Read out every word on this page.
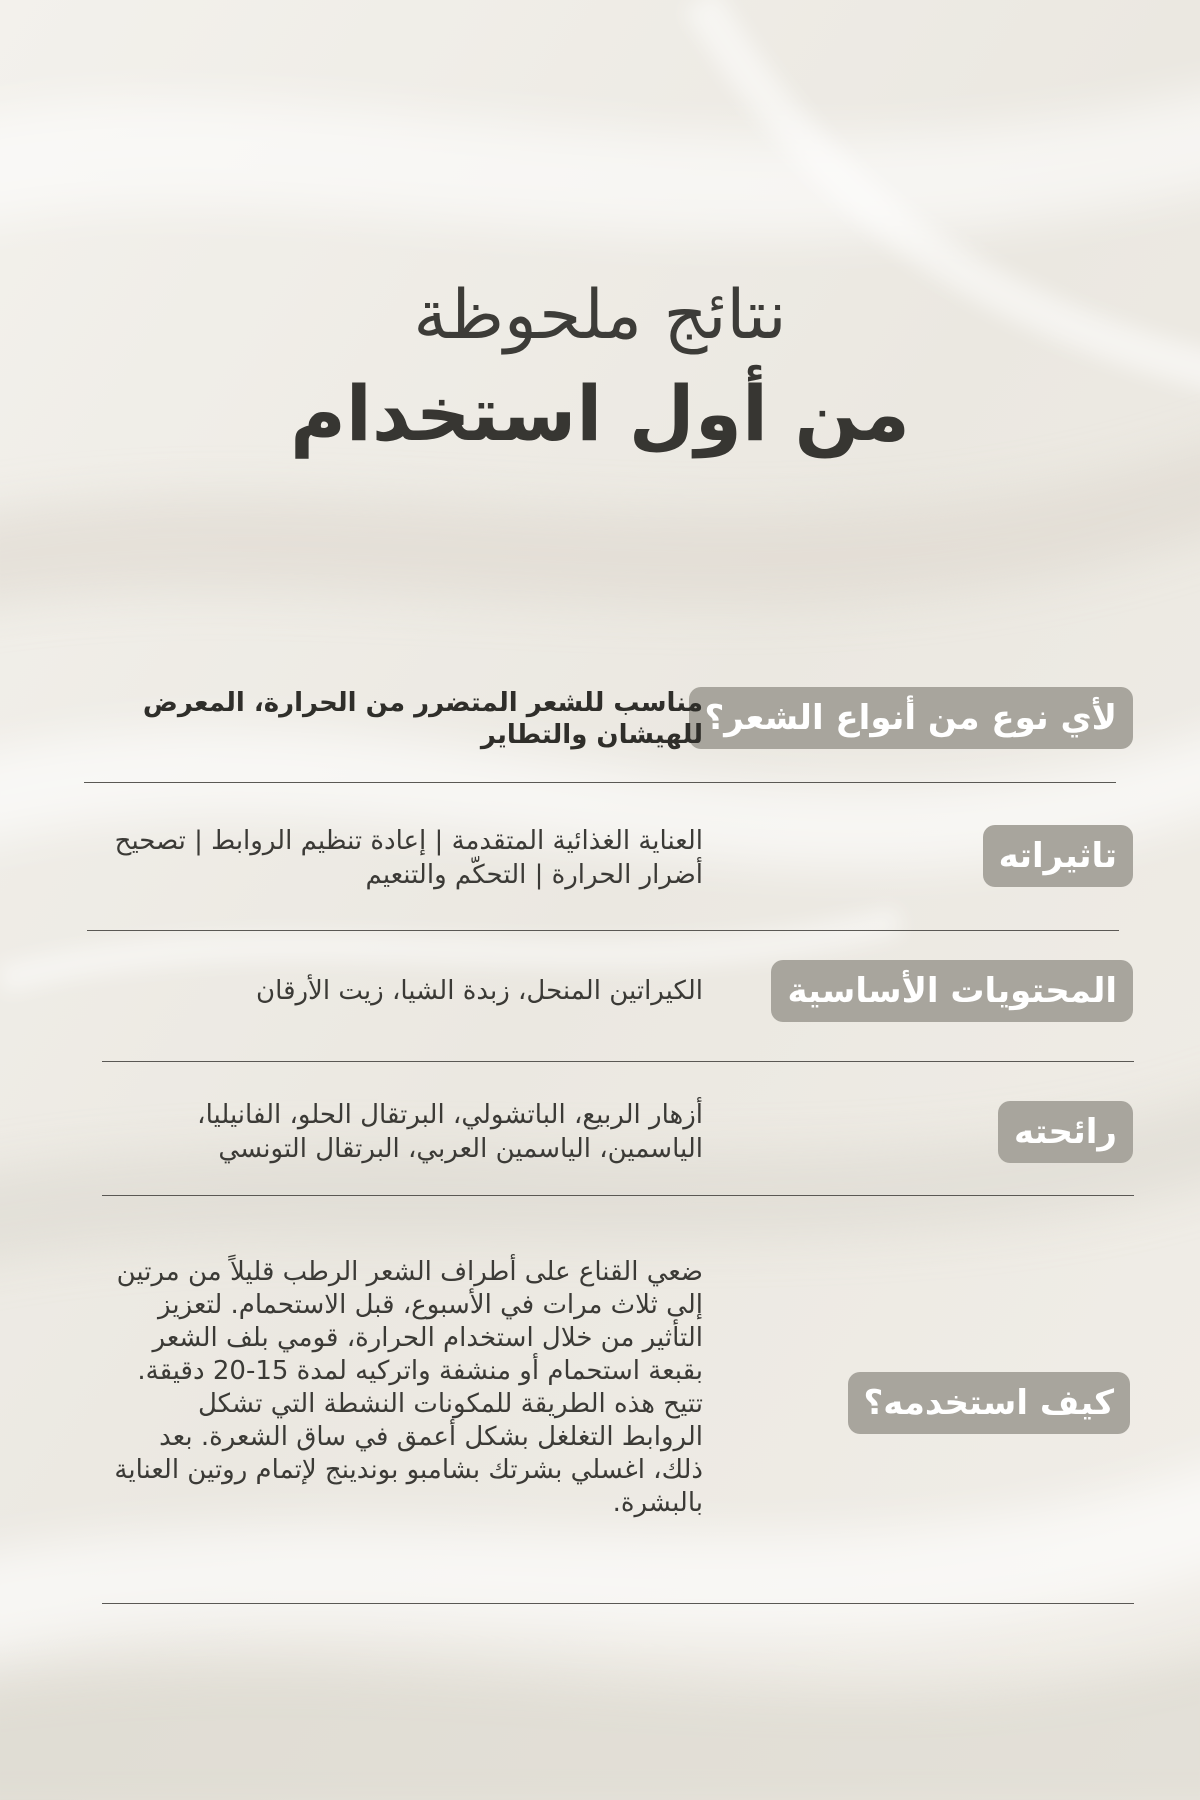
نتائج ملحوظة

من أول استخدام

لأي نوع من أنواع الشعر؟
مناسب للشعر المتضرر من الحرارة، المعرض للهيشان والتطاير
تاثيراته
العناية الغذائية المتقدمة | إعادة تنظيم الروابط | تصحيح أضرار الحرارة | التحكّم والتنعيم
المحتويات الأساسية
الكيراتين المنحل، زبدة الشيا، زيت الأرقان
رائحته
أزهار الربيع، الباتشولي، البرتقال الحلو، الفانيليا، الياسمين، الياسمين العربي، البرتقال التونسي
كيف استخدمه؟
ضعي القناع على أطراف الشعر الرطب قليلاً من مرتين إلى ثلاث مرات في الأسبوع، قبل الاستحمام. لتعزيز التأثير من خلال استخدام الحرارة، قومي بلف الشعر بقبعة استحمام أو منشفة واتركيه لمدة 15-20 دقيقة. تتيح هذه الطريقة للمكونات النشطة التي تشكل الروابط التغلغل بشكل أعمق في ساق الشعرة. بعد ذلك، اغسلي بشرتك بشامبو بوندينج لإتمام روتين العناية بالبشرة.
